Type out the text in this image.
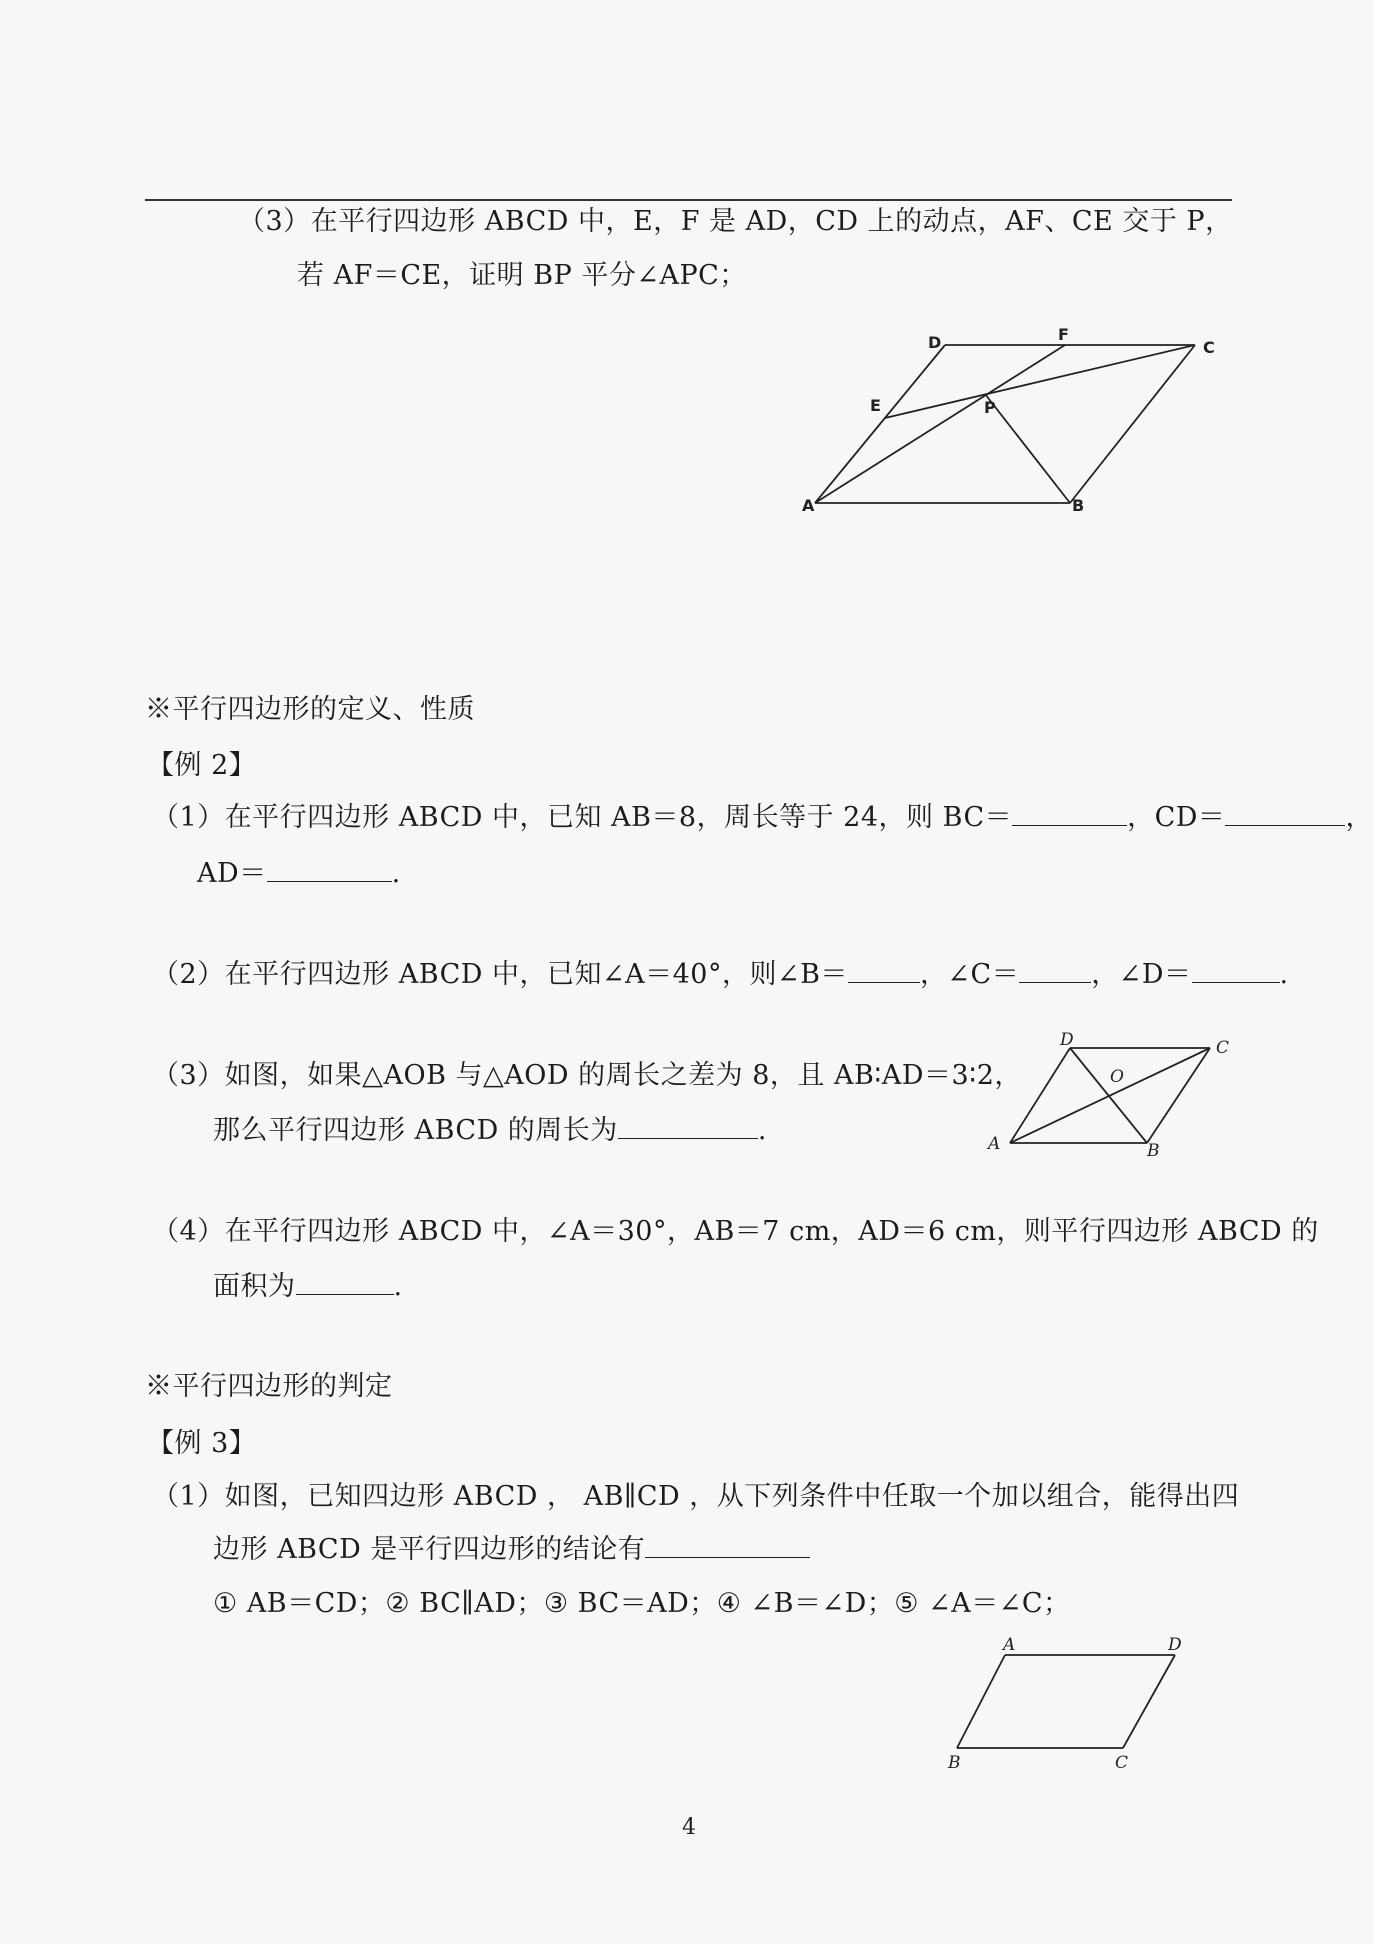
（3）在平行四边形 ABCD 中，E，F 是 AD，CD 上的动点，AF、CE 交于 P，
若 AF＝CE，证明 BP 平分∠APC；
D	F
C
E	P
A	B
D	C
O
A	B
A	D
B	C
※平行四边形的定义、性质
【例 2】
（1）在平行四边形 ABCD 中，已知 AB＝8，周长等于 24，则 BC＝	，CD＝	，
AD＝	.
（2）在平行四边形 ABCD 中，已知∠A＝40°，则∠B＝	，∠C＝	，∠D＝	.
（3）如图，如果△AOB 与△AOD 的周长之差为 8，且 AB∶AD＝3∶2，
那么平行四边形 ABCD 的周长为	.
（4）在平行四边形 ABCD 中，∠A＝30°，AB＝7 cm，AD＝6 cm，则平行四边形 ABCD 的
面积为	.
※平行四边形的判定
【例 3】
（1）如图，已知四边形 ABCD ， AB∥CD ，从下列条件中任取一个加以组合，能得出四
边形 ABCD 是平行四边形的结论有
① AB＝CD；② BC∥AD；③ BC＝AD；④ ∠B＝∠D；⑤ ∠A＝∠C；
4
